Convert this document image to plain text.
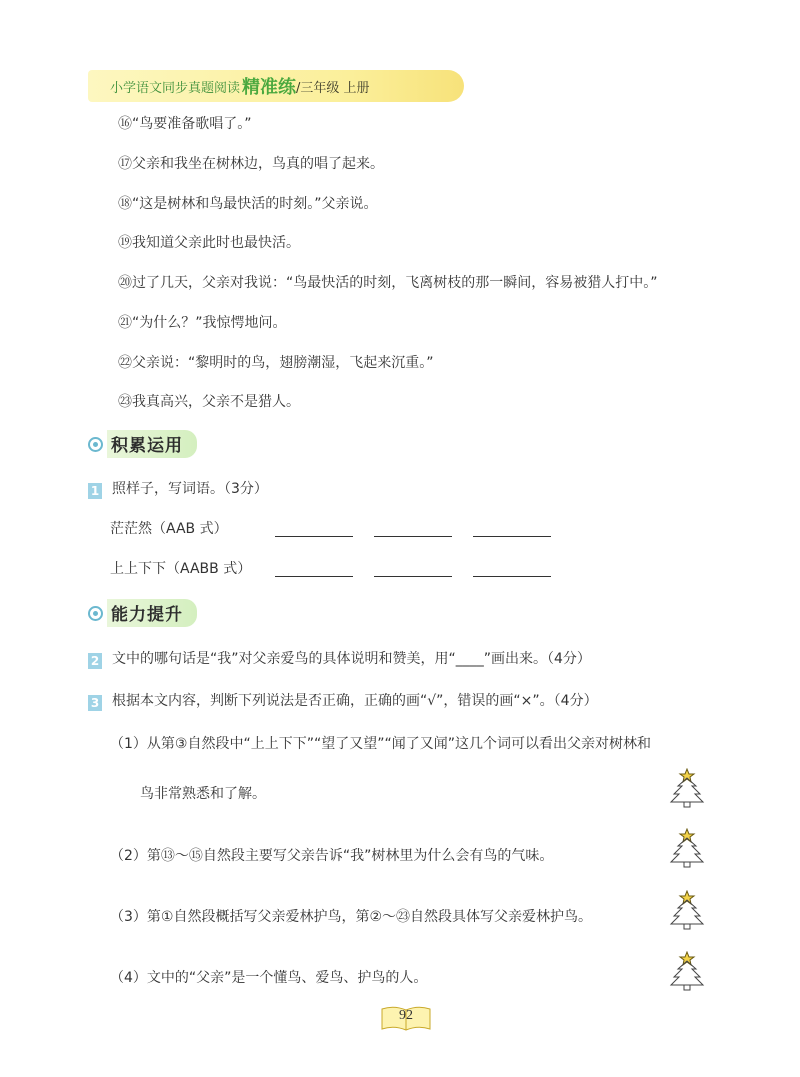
小学语文同步真题阅读 精准练 /三年级 上册
⑯“鸟要准备歌唱了。”
⑰父亲和我坐在树林边，鸟真的唱了起来。
⑱“这是树林和鸟最快活的时刻。”父亲说。
⑲我知道父亲此时也最快活。
⑳过了几天，父亲对我说：“鸟最快活的时刻，飞离树枝的那一瞬间，容易被猎人打中。”
㉑“为什么？”我惊愕地问。
㉒父亲说：“黎明时的鸟，翅膀潮湿，飞起来沉重。”
㉓我真高兴，父亲不是猎人。
积累运用
1 照样子，写词语。（3分）
茫茫然（AAB 式）
上上下下（AABB 式）
能力提升
2 文中的哪句话是“我”对父亲爱鸟的具体说明和赞美，用“____”画出来。（4分）
3 根据本文内容，判断下列说法是否正确，正确的画“√”，错误的画“×”。（4分）
（1）从第③自然段中“上上下下”“望了又望”“闻了又闻”这几个词可以看出父亲对树林和
鸟非常熟悉和了解。
（2）第⑬～⑮自然段主要写父亲告诉“我”树林里为什么会有鸟的气味。
（3）第①自然段概括写父亲爱林护鸟，第②～㉓自然段具体写父亲爱林护鸟。
（4）文中的“父亲”是一个懂鸟、爱鸟、护鸟的人。
92
